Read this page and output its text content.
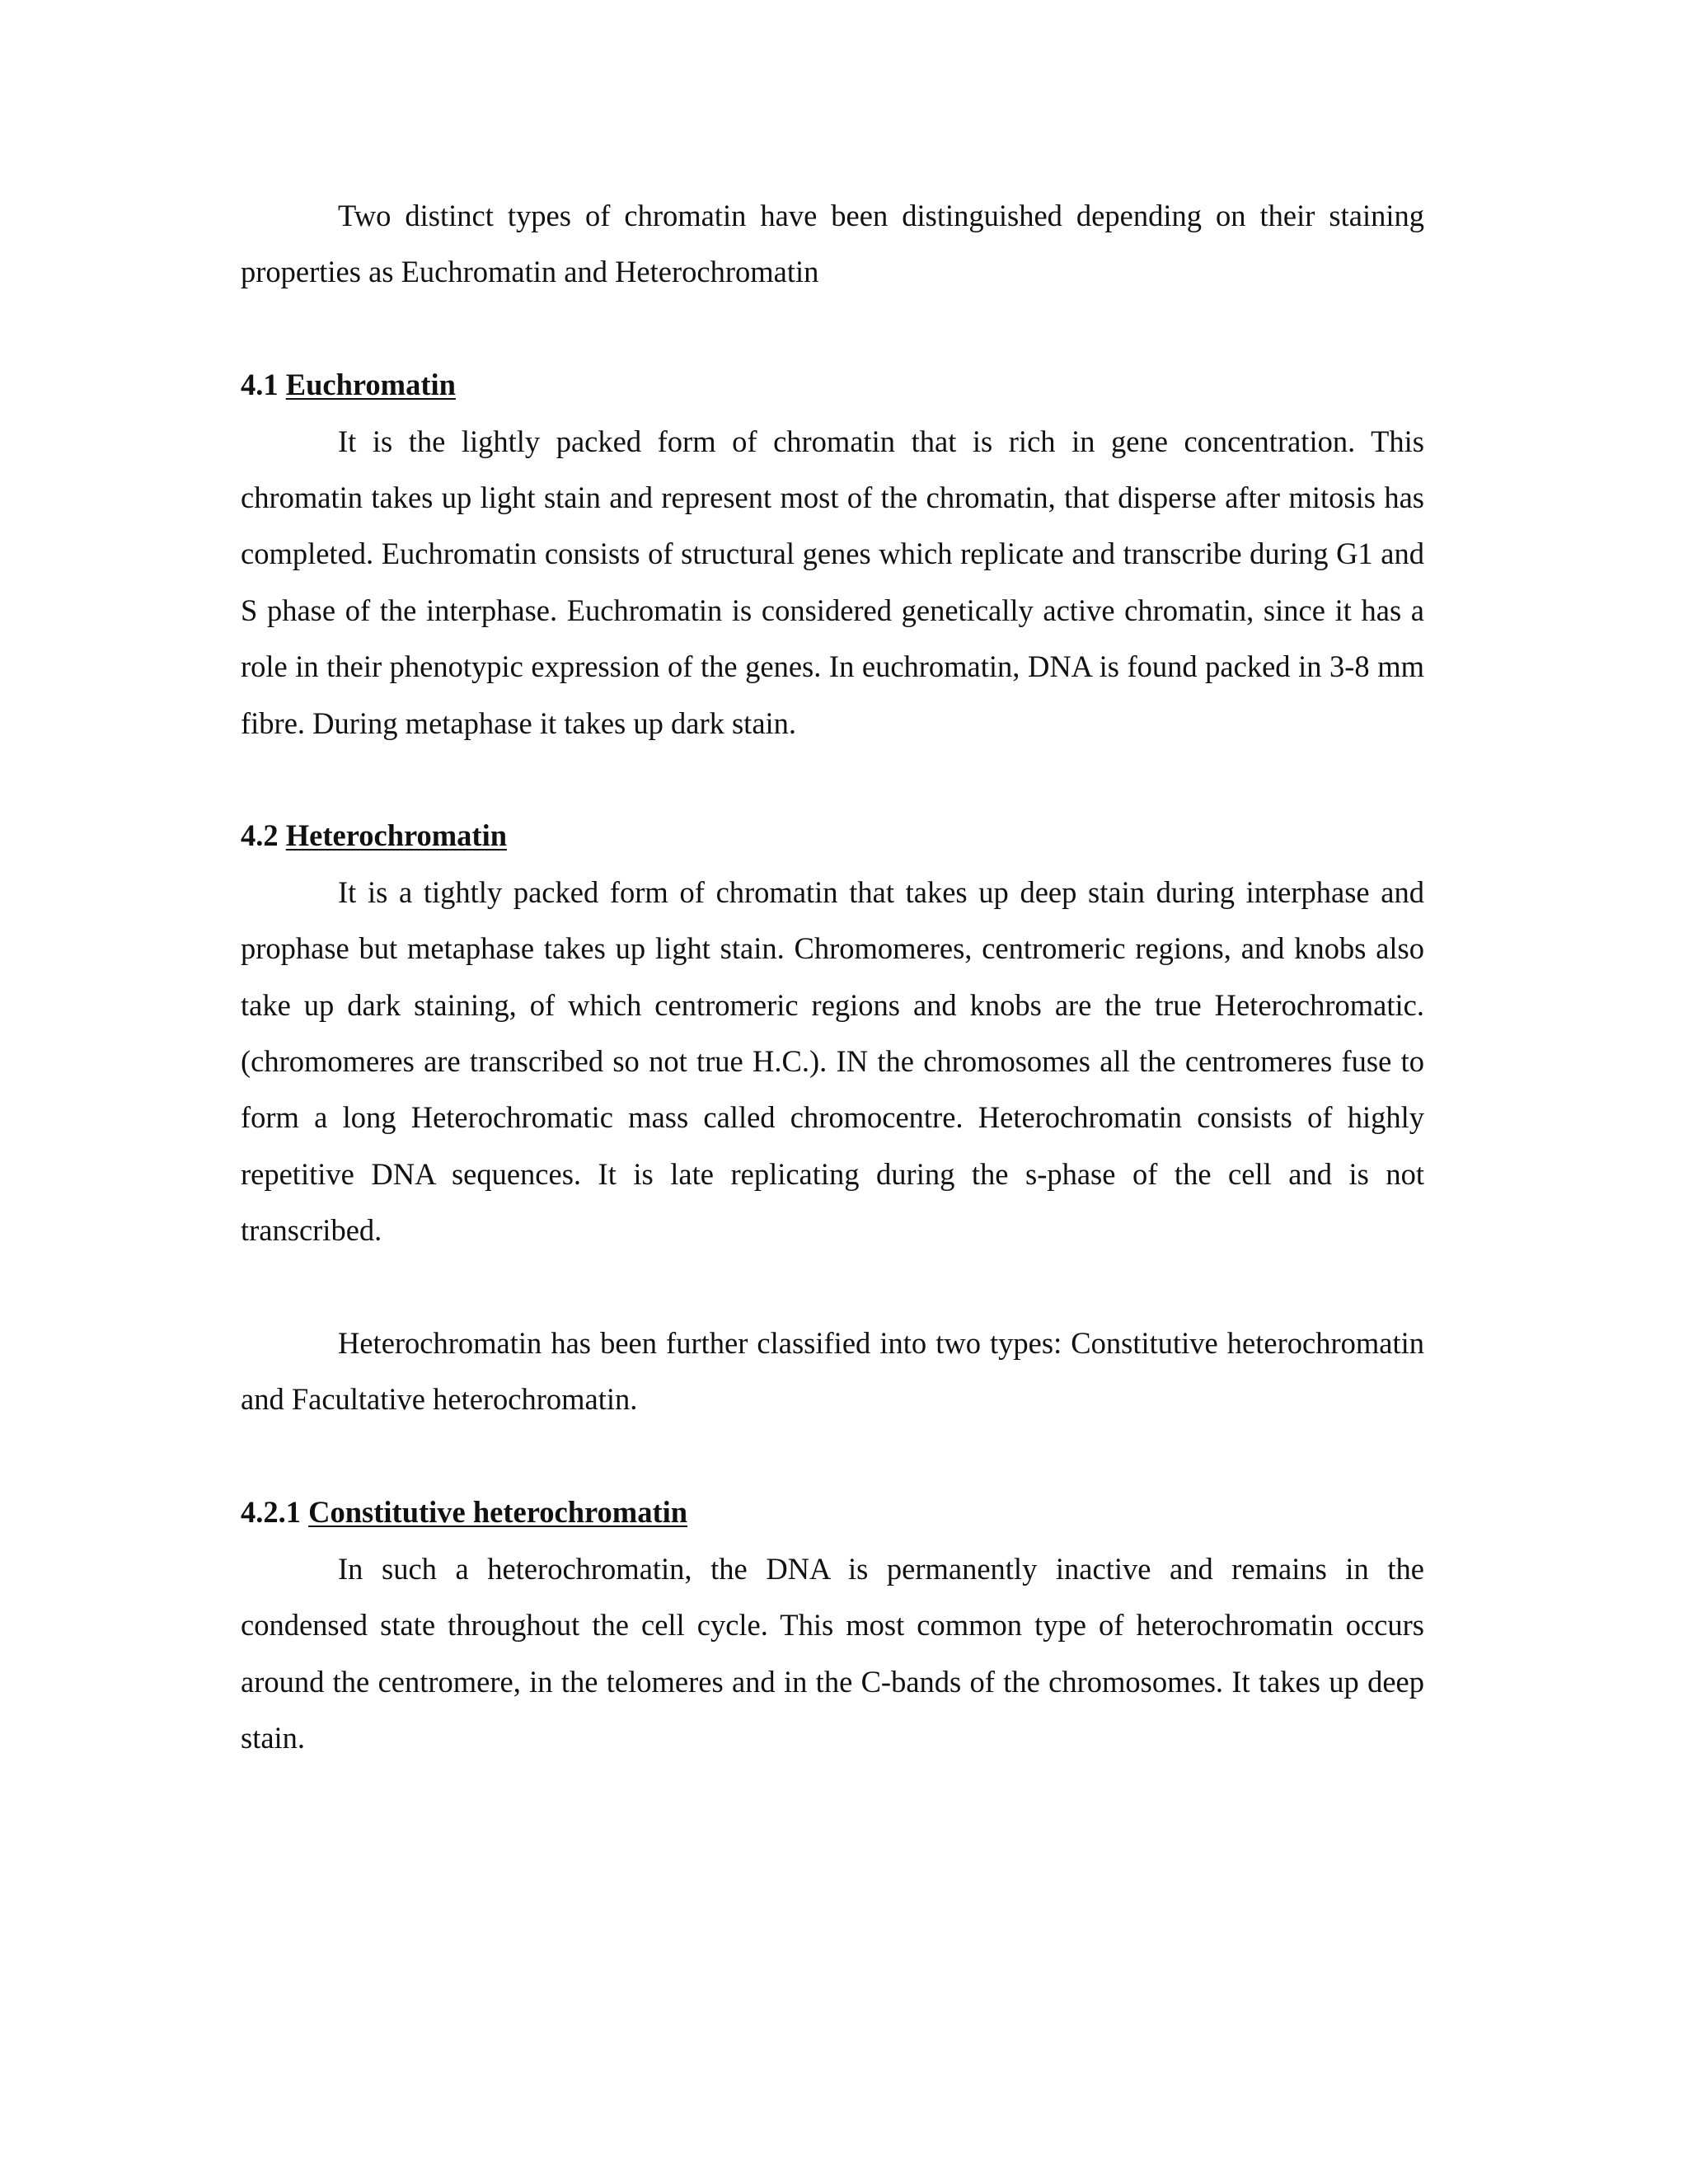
Two distinct types of chromatin have been distinguished depending on their staining properties as Euchromatin and Heterochromatin

4.1 Euchromatin

It is the lightly packed form of chromatin that is rich in gene concentration. This chromatin takes up light stain and represent most of the chromatin, that disperse after mitosis has completed. Euchromatin consists of structural genes which replicate and transcribe during G1 and S phase of the interphase. Euchromatin is considered genetically active chromatin, since it has a role in their phenotypic expression of the genes. In euchromatin, DNA is found packed in 3-8 mm fibre. During metaphase it takes up dark stain.

4.2 Heterochromatin

It is a tightly packed form of chromatin that takes up deep stain during interphase and prophase but metaphase takes up light stain. Chromomeres, centromeric regions, and knobs also take up dark staining, of which centromeric regions and knobs are the true Heterochromatic. (chromomeres are transcribed so not true H.C.). IN the chromosomes all the centromeres fuse to form a long Heterochromatic mass called chromocentre. Heterochromatin consists of highly repetitive DNA sequences. It is late replicating during the s-phase of the cell and is not transcribed.

Heterochromatin has been further classified into two types: Constitutive heterochromatin and Facultative heterochromatin.

4.2.1 Constitutive heterochromatin

In such a heterochromatin, the DNA is permanently inactive and remains in the condensed state throughout the cell cycle. This most common type of heterochromatin occurs around the centromere, in the telomeres and in the C-bands of the chromosomes. It takes up deep stain.
